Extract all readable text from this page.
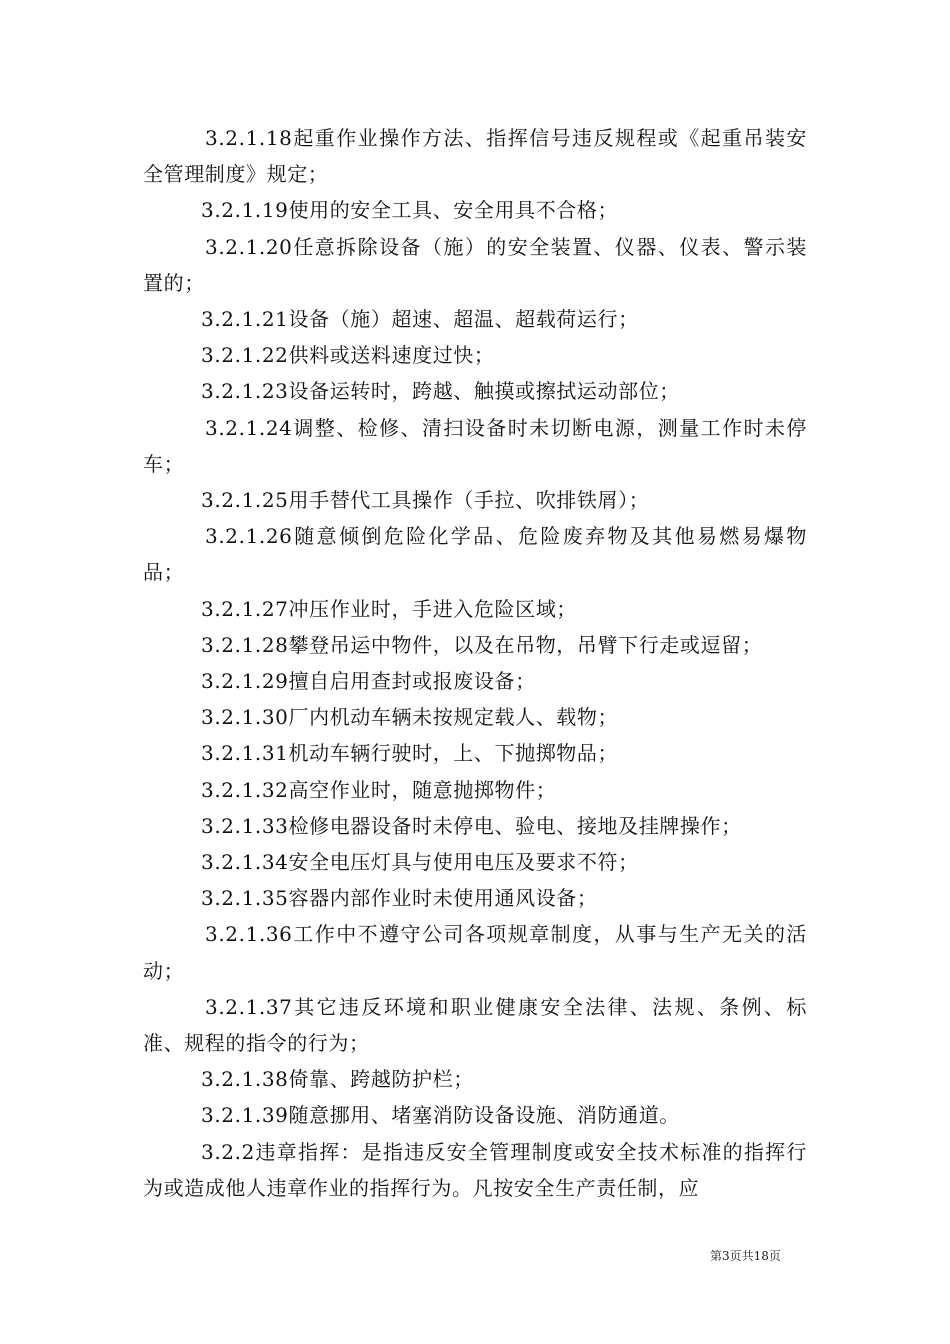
3.2.1.18起重作业操作方法、指挥信号违反规程或《起重吊装安全管理制度》规定；

3.2.1.19使用的安全工具、安全用具不合格；

3.2.1.20任意拆除设备（施）的安全装置、仪器、仪表、警示装置的；

3.2.1.21设备（施）超速、超温、超载荷运行；

3.2.1.22供料或送料速度过快；

3.2.1.23设备运转时，跨越、触摸或擦拭运动部位；

3.2.1.24调整、检修、清扫设备时未切断电源，测量工作时未停车；

3.2.1.25用手替代工具操作（手拉、吹排铁屑）；

3.2.1.26随意倾倒危险化学品、危险废弃物及其他易燃易爆物品；

3.2.1.27冲压作业时，手进入危险区域；

3.2.1.28攀登吊运中物件，以及在吊物，吊臂下行走或逗留；

3.2.1.29擅自启用查封或报废设备；

3.2.1.30厂内机动车辆未按规定载人、载物；

3.2.1.31机动车辆行驶时，上、下抛掷物品；

3.2.1.32高空作业时，随意抛掷物件；

3.2.1.33检修电器设备时未停电、验电、接地及挂牌操作；

3.2.1.34安全电压灯具与使用电压及要求不符；

3.2.1.35容器内部作业时未使用通风设备；

3.2.1.36工作中不遵守公司各项规章制度，从事与生产无关的活动；

3.2.1.37其它违反环境和职业健康安全法律、法规、条例、标准、规程的指令的行为；

3.2.1.38倚靠、跨越防护栏；

3.2.1.39随意挪用、堵塞消防设备设施、消防通道。

3.2.2违章指挥：是指违反安全管理制度或安全技术标准的指挥行为或造成他人违章作业的指挥行为。凡按安全生产责任制，应

第3页共18页
